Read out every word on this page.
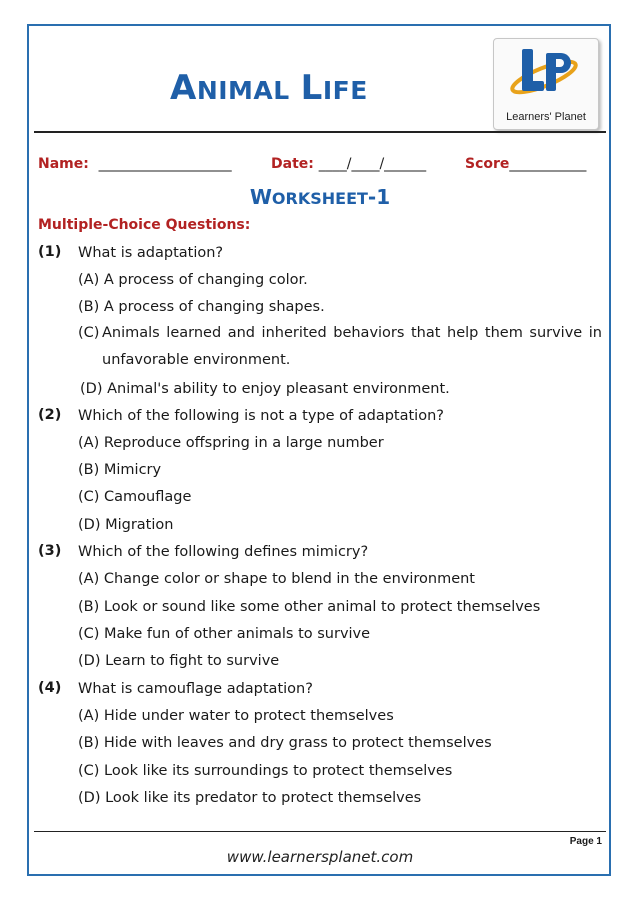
ANIMAL LIFE
Learners' Planet
Name: ___________________	Date: ____/____/______	Score___________
WORKSHEET-1
Multiple-Choice Questions:
(1) What is adaptation?
(A) A process of changing color.
(B) A process of changing shapes.
(C) Animals learned and inherited behaviors that help them survive in unfavorable environment.
(D) Animal's ability to enjoy pleasant environment.
(2) Which of the following is not a type of adaptation?
(A) Reproduce offspring in a large number
(B) Mimicry
(C) Camouflage
(D) Migration
(3) Which of the following defines mimicry?
(A) Change color or shape to blend in the environment
(B) Look or sound like some other animal to protect themselves
(C) Make fun of other animals to survive
(D) Learn to fight to survive
(4) What is camouflage adaptation?
(A) Hide under water to protect themselves
(B) Hide with leaves and dry grass to protect themselves
(C) Look like its surroundings to protect themselves
(D) Look like its predator to protect themselves
Page 1
www.learnersplanet.com
